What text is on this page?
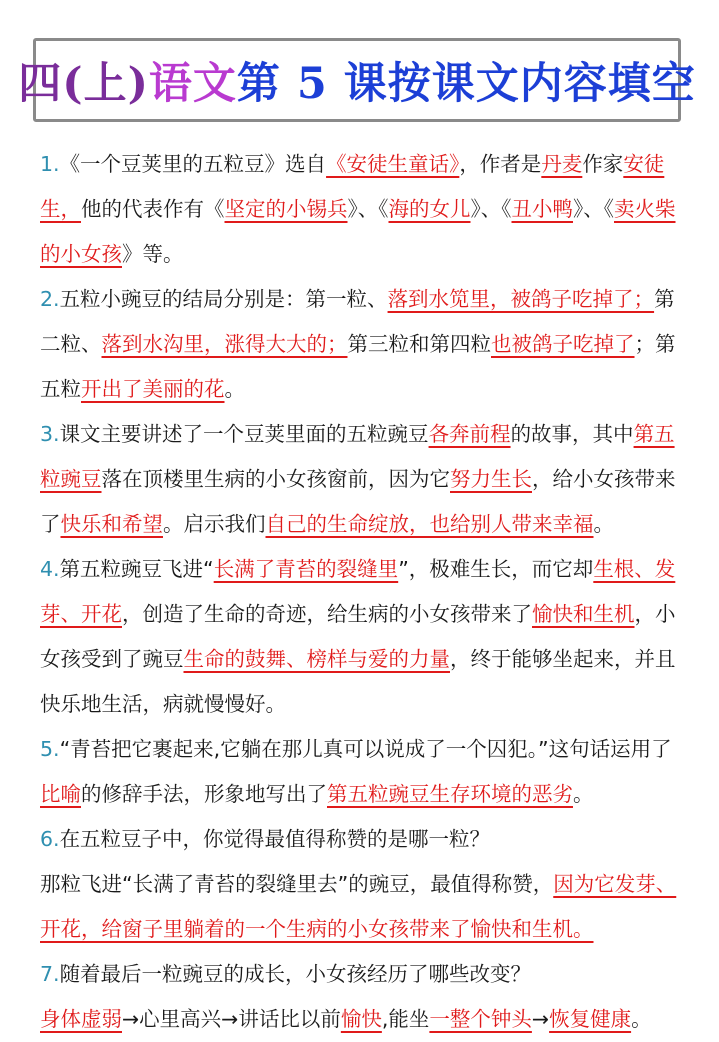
四(上)语文第 5 课按课文内容填空

1.《一个豆荚里的五粒豆》选自《安徒生童话》，作者是丹麦作家安徒生，他的代表作有《坚定的小锡兵》、《海的女儿》、《丑小鸭》、《卖火柴的小女孩》等。

2.五粒小豌豆的结局分别是：第一粒、落到水笕里，被鸽子吃掉了；第二粒、落到水沟里，涨得大大的；第三粒和第四粒也被鸽子吃掉了；第五粒开出了美丽的花。

3.课文主要讲述了一个豆荚里面的五粒豌豆各奔前程的故事，其中第五粒豌豆落在顶楼里生病的小女孩窗前，因为它努力生长，给小女孩带来了快乐和希望。启示我们自己的生命绽放，也给别人带来幸福。

4.第五粒豌豆飞进“长满了青苔的裂缝里”，极难生长，而它却生根、发芽、开花，创造了生命的奇迹，给生病的小女孩带来了愉快和生机，小女孩受到了豌豆生命的鼓舞、榜样与爱的力量，终于能够坐起来，并且快乐地生活，病就慢慢好。

5.“青苔把它裹起来,它躺在那儿真可以说成了一个囚犯。”这句话运用了比喻的修辞手法，形象地写出了第五粒豌豆生存环境的恶劣。

6.在五粒豆子中，你觉得最值得称赞的是哪一粒？

那粒飞进“长满了青苔的裂缝里去”的豌豆，最值得称赞，因为它发芽、开花，给窗子里躺着的一个生病的小女孩带来了愉快和生机。

7.随着最后一粒豌豆的成长，小女孩经历了哪些改变？

身体虚弱→心里高兴→讲话比以前愉快,能坐一整个钟头→恢复健康。
